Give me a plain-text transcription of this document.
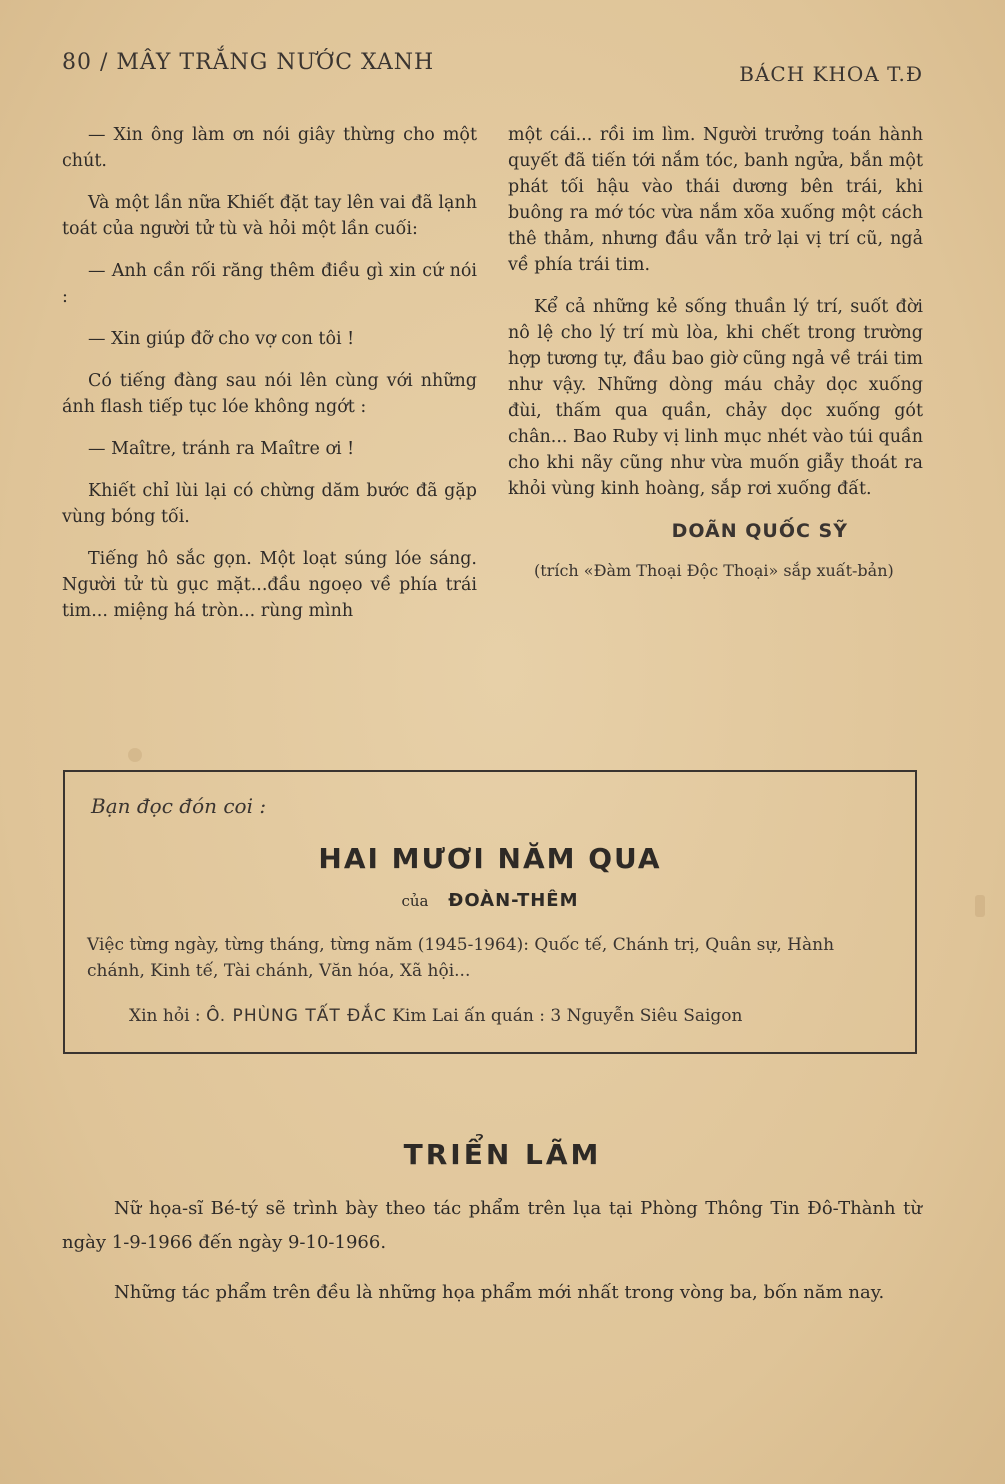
80 / MÂY TRẮNG NƯỚC XANH	BÁCH KHOA T.Đ

— Xin ông làm ơn nói giây thừng cho một chút.

Và một lần nữa Khiết đặt tay lên vai đã lạnh toát của người tử tù và hỏi một lần cuối:

— Anh cần rối răng thêm điều gì xin cứ nói :

— Xin giúp đỡ cho vợ con tôi !

Có tiếng đàng sau nói lên cùng với những ánh flash tiếp tục lóe không ngớt :

— Maître, tránh ra Maître ơi !

Khiết chỉ lùi lại có chừng dăm bước đã gặp vùng bóng tối.

Tiếng hô sắc gọn. Một loạt súng lóe sáng. Người tử tù gục mặt...đầu ngoẹo về phía trái tim... miệng há tròn... rùng mình

một cái... rồi im lìm. Người trưởng toán hành quyết đã tiến tới nắm tóc, banh ngửa, bắn một phát tối hậu vào thái dương bên trái, khi buông ra mớ tóc vừa nắm xõa xuống một cách thê thảm, nhưng đầu vẫn trở lại vị trí cũ, ngả về phía trái tim.

Kể cả những kẻ sống thuần lý trí, suốt đời nô lệ cho lý trí mù lòa, khi chết trong trường hợp tương tự, đầu bao giờ cũng ngả về trái tim như vậy. Những dòng máu chảy dọc xuống đùi, thấm qua quần, chảy dọc xuống gót chân... Bao Ruby vị linh mục nhét vào túi quần cho khi nãy cũng như vừa muốn giẫy thoát ra khỏi vùng kinh hoàng, sắp rơi xuống đất.

DOÃN QUỐC SỸ

(trích «Đàm Thoại Độc Thoại» sắp xuất-bản)

Bạn đọc đón coi :
HAI MƯƠI NĂM QUA
của ĐOÀN-THÊM
Việc từng ngày, từng tháng, từng năm (1945-1964): Quốc tế, Chánh trị, Quân sự, Hành chánh, Kinh tế, Tài chánh, Văn hóa, Xã hội...
Xin hỏi : Ô. PHÙNG TẤT ĐẮC Kim Lai ấn quán : 3 Nguyễn Siêu Saigon
TRIỂN LÃM

Nữ họa-sĩ Bé-tý sẽ trình bày theo tác phẩm trên lụa tại Phòng Thông Tin Đô-Thành từ ngày 1-9-1966 đến ngày 9-10-1966.

Những tác phẩm trên đều là những họa phẩm mới nhất trong vòng ba, bốn năm nay.
